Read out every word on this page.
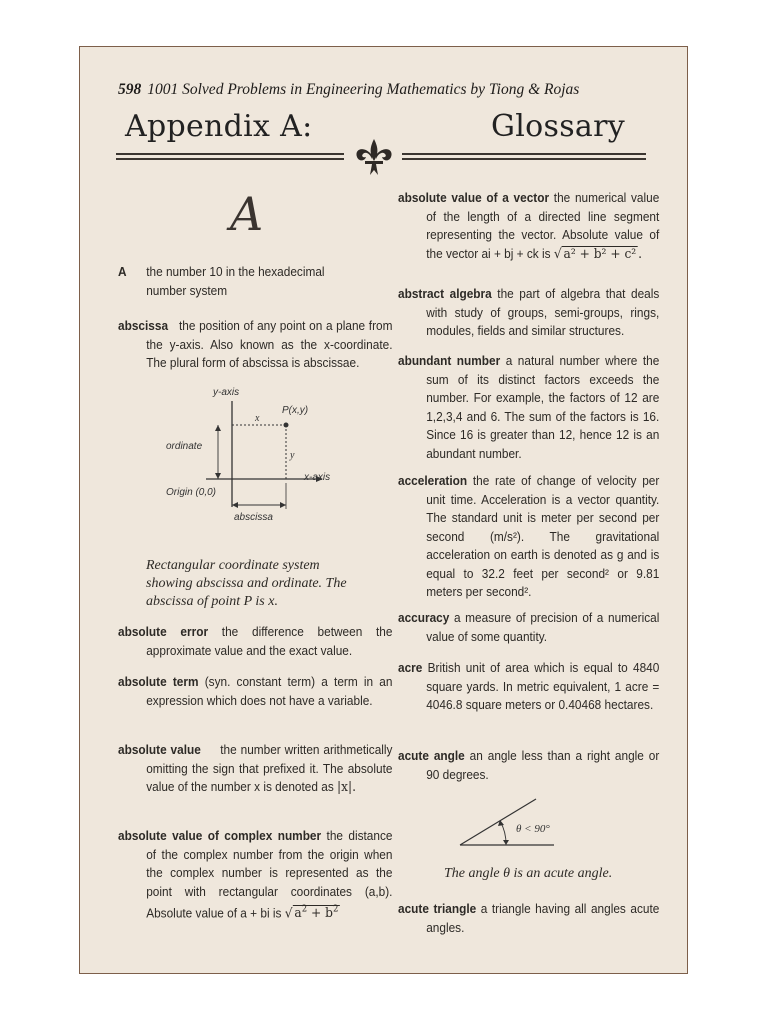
598 1001 Solved Problems in Engineering Mathematics by Tiong & Rojas
Appendix A:	Glossary
A
A the number 10 in the hexadecimal number system
abscissa the position of any point on a plane from the y-axis. Also known as the x-coordinate. The plural form of abscissa is abscissae.
y-axis
x
P(x,y)
ordinate
y
x-axis
Origin (0,0)
abscissa
Rectangular coordinate system showing abscissa and ordinate. The abscissa of point P is x.
absolute error the difference between the approximate value and the exact value.
absolute term (syn. constant term) a term in an expression which does not have a variable.
absolute value the number written arithmetically omitting the sign that prefixed it. The absolute value of the number x is denoted as |x|.
absolute value of complex number the distance of the complex number from the origin when the complex number is represented as the point with rectangular coordinates (a,b). Absolute value of a + bi is √ $a^2 + b^2$
absolute value of a vector the numerical value of the length of a directed line segment representing the vector. Absolute value of the vector ai + bj + ck is √ a² + b² + c² .
abstract algebra the part of algebra that deals with study of groups, semi-groups, rings, modules, fields and similar structures.
abundant number a natural number where the sum of its distinct factors exceeds the number. For example, the factors of 12 are 1,2,3,4 and 6. The sum of the factors is 16. Since 16 is greater than 12, hence 12 is an abundant number.
acceleration the rate of change of velocity per unit time. Acceleration is a vector quantity. The standard unit is meter per second per second (m/s²). The gravitational acceleration on earth is denoted as g and is equal to 32.2 feet per second² or 9.81 meters per second².
accuracy a measure of precision of a numerical value of some quantity.
acre British unit of area which is equal to 4840 square yards. In metric equivalent, 1 acre = 4046.8 square meters or 0.40468 hectares.
acute angle an angle less than a right angle or 90 degrees.
θ < 90°
The angle θ is an acute angle.
acute triangle a triangle having all angles acute angles.
